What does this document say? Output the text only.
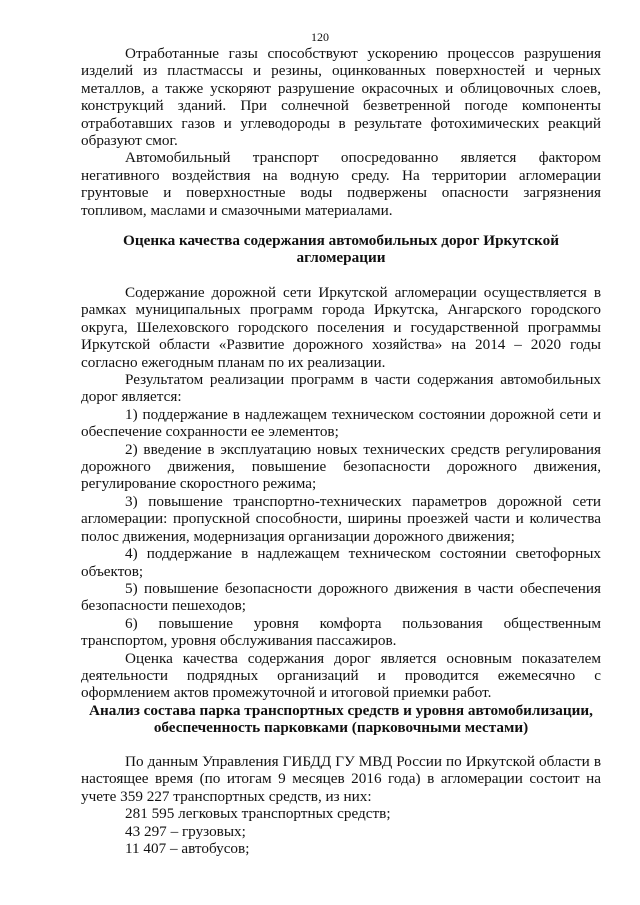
120

Отработанные газы способствуют ускорению процессов разрушения изделий из пластмассы и резины, оцинкованных поверхностей и черных металлов, а также ускоряют разрушение окрасочных и облицовочных слоев, конструкций зданий. При солнечной безветренной погоде компоненты отработавших газов и углеводороды в результате фотохимических реакций образуют смог.

Автомобильный транспорт опосредованно является фактором негативного воздействия на водную среду. На территории агломерации грунтовые и поверхностные воды подвержены опасности загрязнения топливом, маслами и смазочными материалами.

Оценка качества содержания автомобильных дорог Иркутской
агломерации

Содержание дорожной сети Иркутской агломерации осуществляется в рамках муниципальных программ города Иркутска, Ангарского городского округа, Шелеховского городского поселения и государственной программы Иркутской области «Развитие дорожного хозяйства» на 2014 – 2020 годы согласно ежегодным планам по их реализации.

Результатом реализации программ в части содержания автомобильных дорог является:

1) поддержание в надлежащем техническом состоянии дорожной сети и обеспечение сохранности ее элементов;

2) введение в эксплуатацию новых технических средств регулирования дорожного движения, повышение безопасности дорожного движения, регулирование скоростного режима;

3) повышение транспортно-технических параметров дорожной сети агломерации: пропускной способности, ширины проезжей части и количества полос движения, модернизация организации дорожного движения;

4) поддержание в надлежащем техническом состоянии светофорных объектов;

5) повышение безопасности дорожного движения в части обеспечения безопасности пешеходов;

6) повышение уровня комфорта пользования общественным транспортом, уровня обслуживания пассажиров.

Оценка качества содержания дорог является основным показателем деятельности подрядных организаций и проводится ежемесячно с оформлением актов промежуточной и итоговой приемки работ.

Анализ состава парка транспортных средств и уровня автомобилизации,
обеспеченность парковками (парковочными местами)

По данным Управления ГИБДД ГУ МВД России по Иркутской области в настоящее время (по итогам 9 месяцев 2016 года) в агломерации состоит на учете 359 227 транспортных средств, из них:

281 595 легковых транспортных средств;

43 297 – грузовых;

11 407 – автобусов;
